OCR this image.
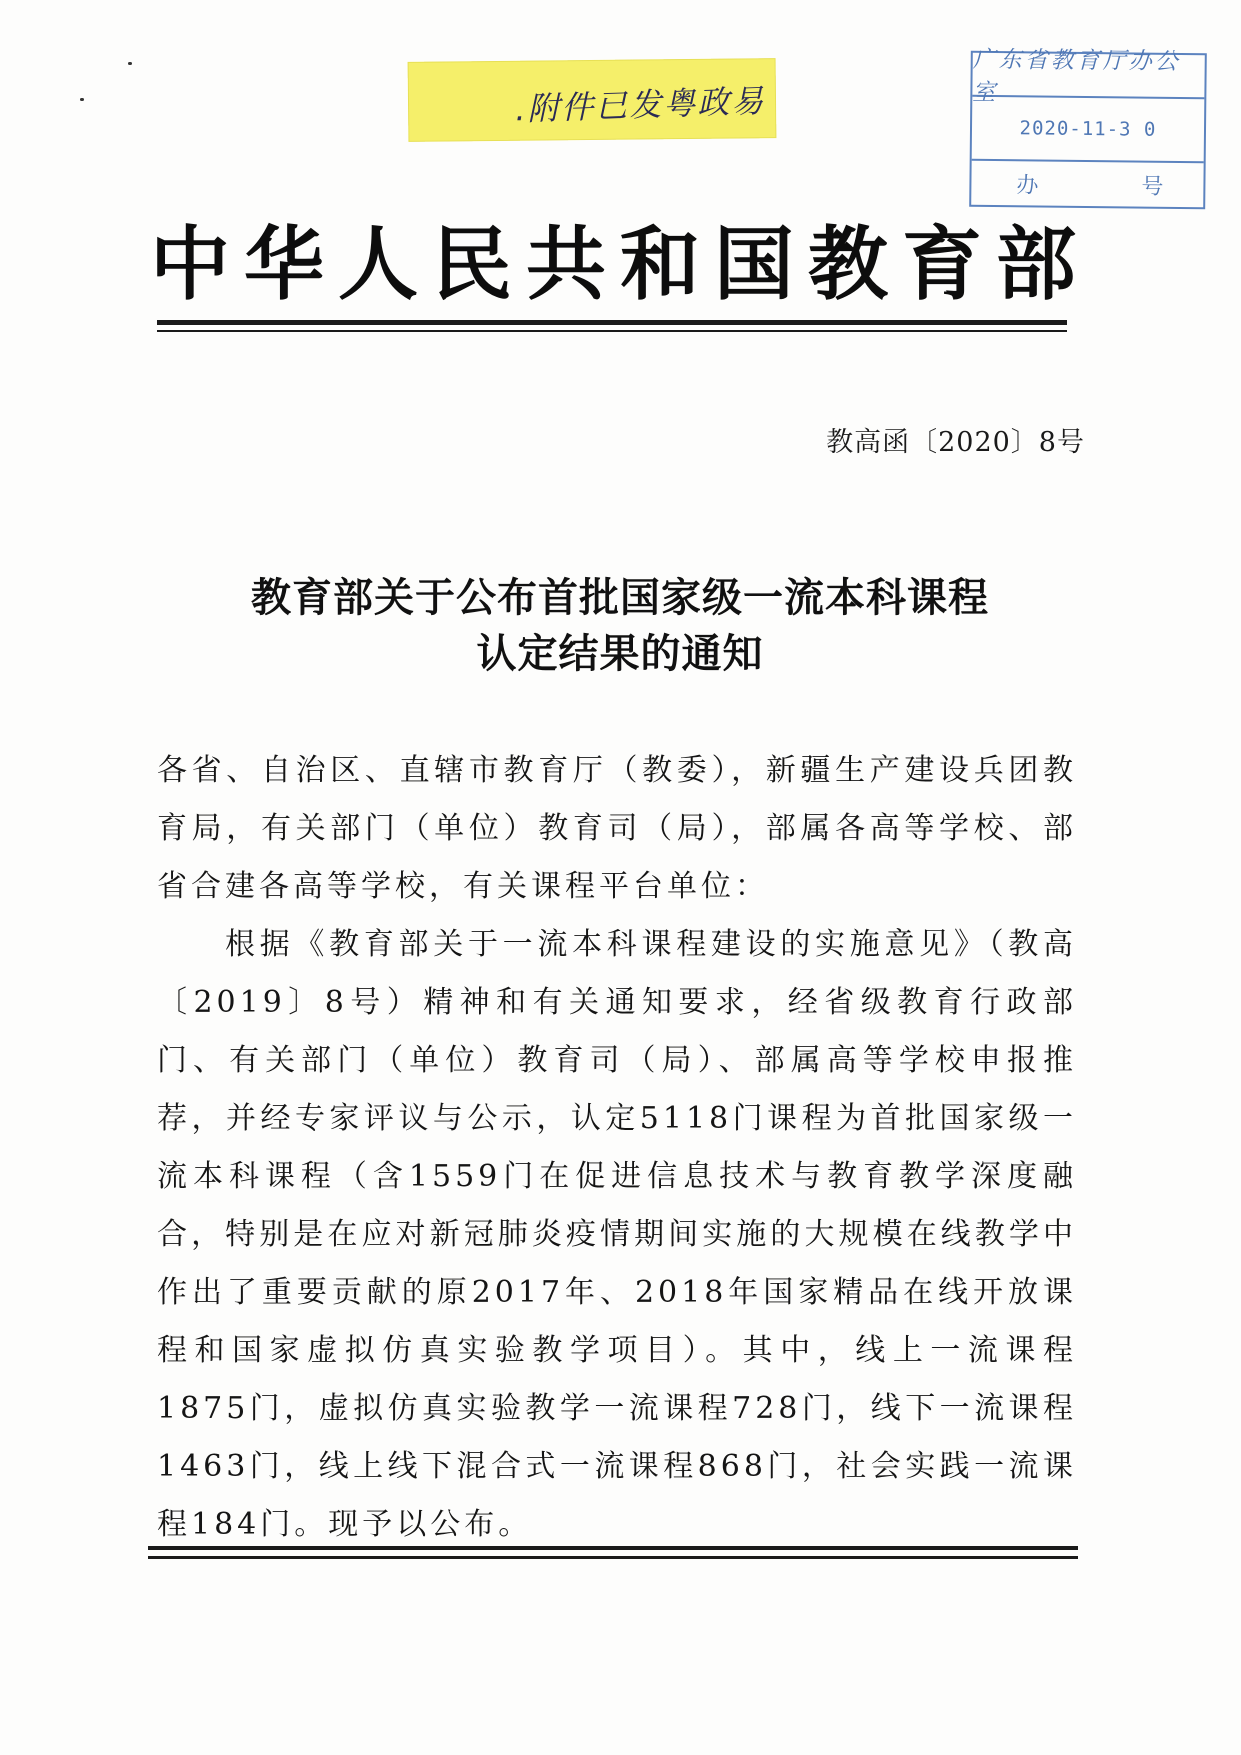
.附件已发粤政易
广东省教育厅办公室
2020-11-3 0
办	号
中华人民共和国教育部
教高函〔2020〕8号
教育部关于公布首批国家级一流本科课程
认定结果的通知

各省、自治区、直辖市教育厅（教委），新疆生产建设兵团教育局，有关部门（单位）教育司（局），部属各高等学校、部省合建各高等学校，有关课程平台单位：

根据《教育部关于一流本科课程建设的实施意见》（教高〔2019〕8号）精神和有关通知要求，经省级教育行政部门、有关部门（单位）教育司（局）、部属高等学校申报推荐，并经专家评议与公示，认定5118门课程为首批国家级一流本科课程（含1559门在促进信息技术与教育教学深度融合，特别是在应对新冠肺炎疫情期间实施的大规模在线教学中作出了重要贡献的原2017年、2018年国家精品在线开放课程和国家虚拟仿真实验教学项目）。其中，线上一流课程1875门，虚拟仿真实验教学一流课程728门，线下一流课程1463门，线上线下混合式一流课程868门，社会实践一流课程184门。现予以公布。
